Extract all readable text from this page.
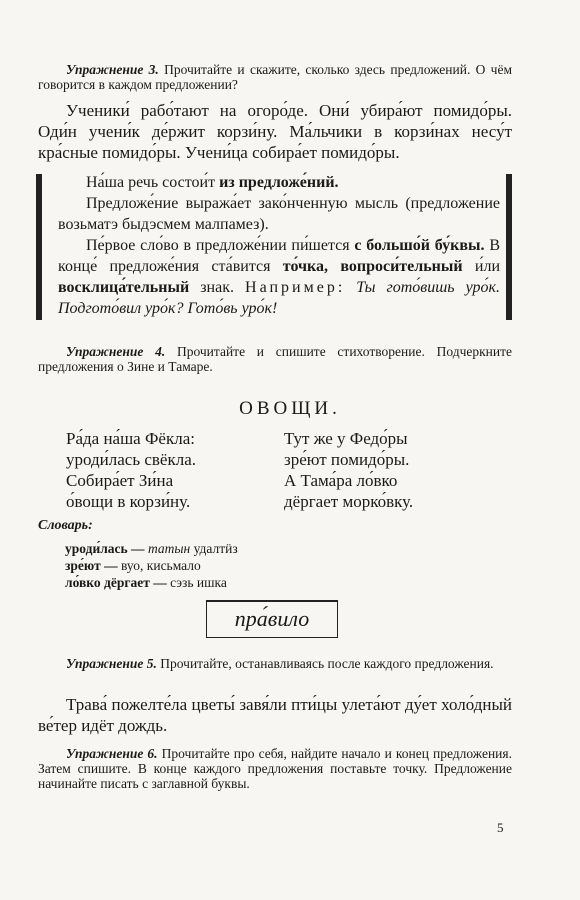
Упражнение 3. Прочитайте и скажите, сколько здесь предложений. О чём говорится в каждом предложении?
Ученики́ рабо́тают на огоро́де. Они́ убира́ют помидо́ры. Оди́н учени́к де́ржит корзи́ну. Ма́льчики в корзи́нах несу́т кра́сные помидо́ры. Учени́ца собира́ет помидо́ры.

На́ша речь состои́т из предложе́ний.

Предложе́ние выража́ет зако́нченную мысль (предложение возьматэ быдэсмем малпамез).

Пе́рвое сло́во в предложе́нии пи́шется с большо́й бу́квы. В конце́ предложе́ния ста́вится то́чка, вопроси́тельный и́ли восклица́тельный знак. Например: Ты гото́вишь уро́к. Подгото́вил уро́к? Гото́вь уро́к!

Упражнение 4. Прочитайте и спишите стихотворение. Подчеркните предложения о Зине и Тамаре.
ОВОЩИ.
Ра́да на́ша Фёкла:
уроди́лась свёкла.
Собира́ет Зи́на
о́вощи в корзи́ну.
Тут же у Федо́ры
зре́ют помидо́ры.
А Тама́ра ло́вко
дёргает морко́вку.
Словарь:
уроди́лась — татын удалтӥз
зре́ют — вуо, кисьмало
ло́вко дёргает — сэзь ишка
пра́вило
Упражнение 5. Прочитайте, останавливаясь после каждого предложения.
Трава́ пожелте́ла цветы́ завя́ли пти́цы улета́ют ду́ет холо́дный ве́тер идёт дождь.
Упражнение 6. Прочитайте про себя, найдите начало и конец предложения. Затем спишите. В конце каждого предложения поставьте точку. Предложение начинайте писать с заглавной буквы.
5
